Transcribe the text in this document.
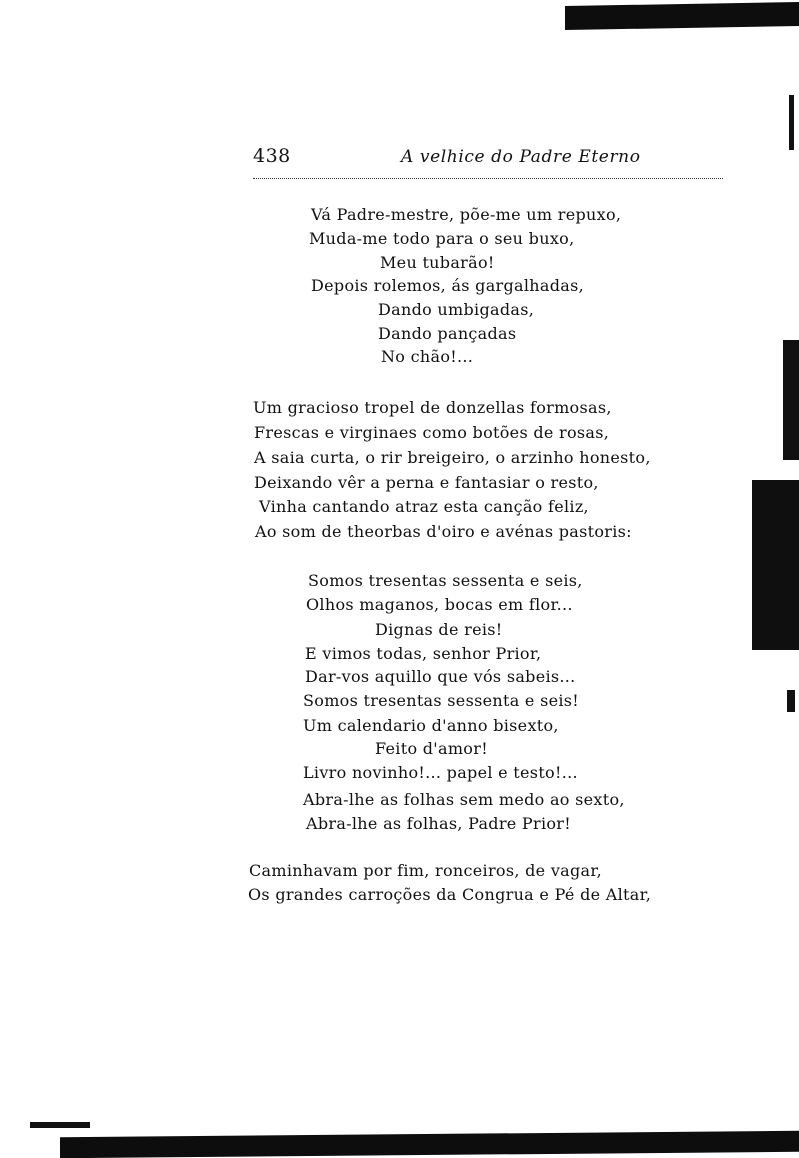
438	A velhice do Padre Eterno
Vá Padre-mestre, põe-me um repuxo,
Muda-me todo para o seu buxo,
Meu tubarão!
Depois rolemos, ás gargalhadas,
Dando umbigadas,
Dando pançadas
No chão!...
Um gracioso tropel de donzellas formosas,
Frescas e virginaes como botões de rosas,
A saia curta, o rir breigeiro, o arzinho honesto,
Deixando vêr a perna e fantasiar o resto,
Vinha cantando atraz esta canção feliz,
Ao som de theorbas d'oiro e avénas pastoris:
Somos tresentas sessenta e seis,
Olhos maganos, bocas em flor...
Dignas de reis!
E vimos todas, senhor Prior,
Dar-vos aquillo que vós sabeis...
Somos tresentas sessenta e seis!
Um calendario d'anno bisexto,
Feito d'amor!
Livro novinho!... papel e testo!...
Abra-lhe as folhas sem medo ao sexto,
Abra-lhe as folhas, Padre Prior!
Caminhavam por fim, ronceiros, de vagar,
Os grandes carroções da Congrua e Pé de Altar,
